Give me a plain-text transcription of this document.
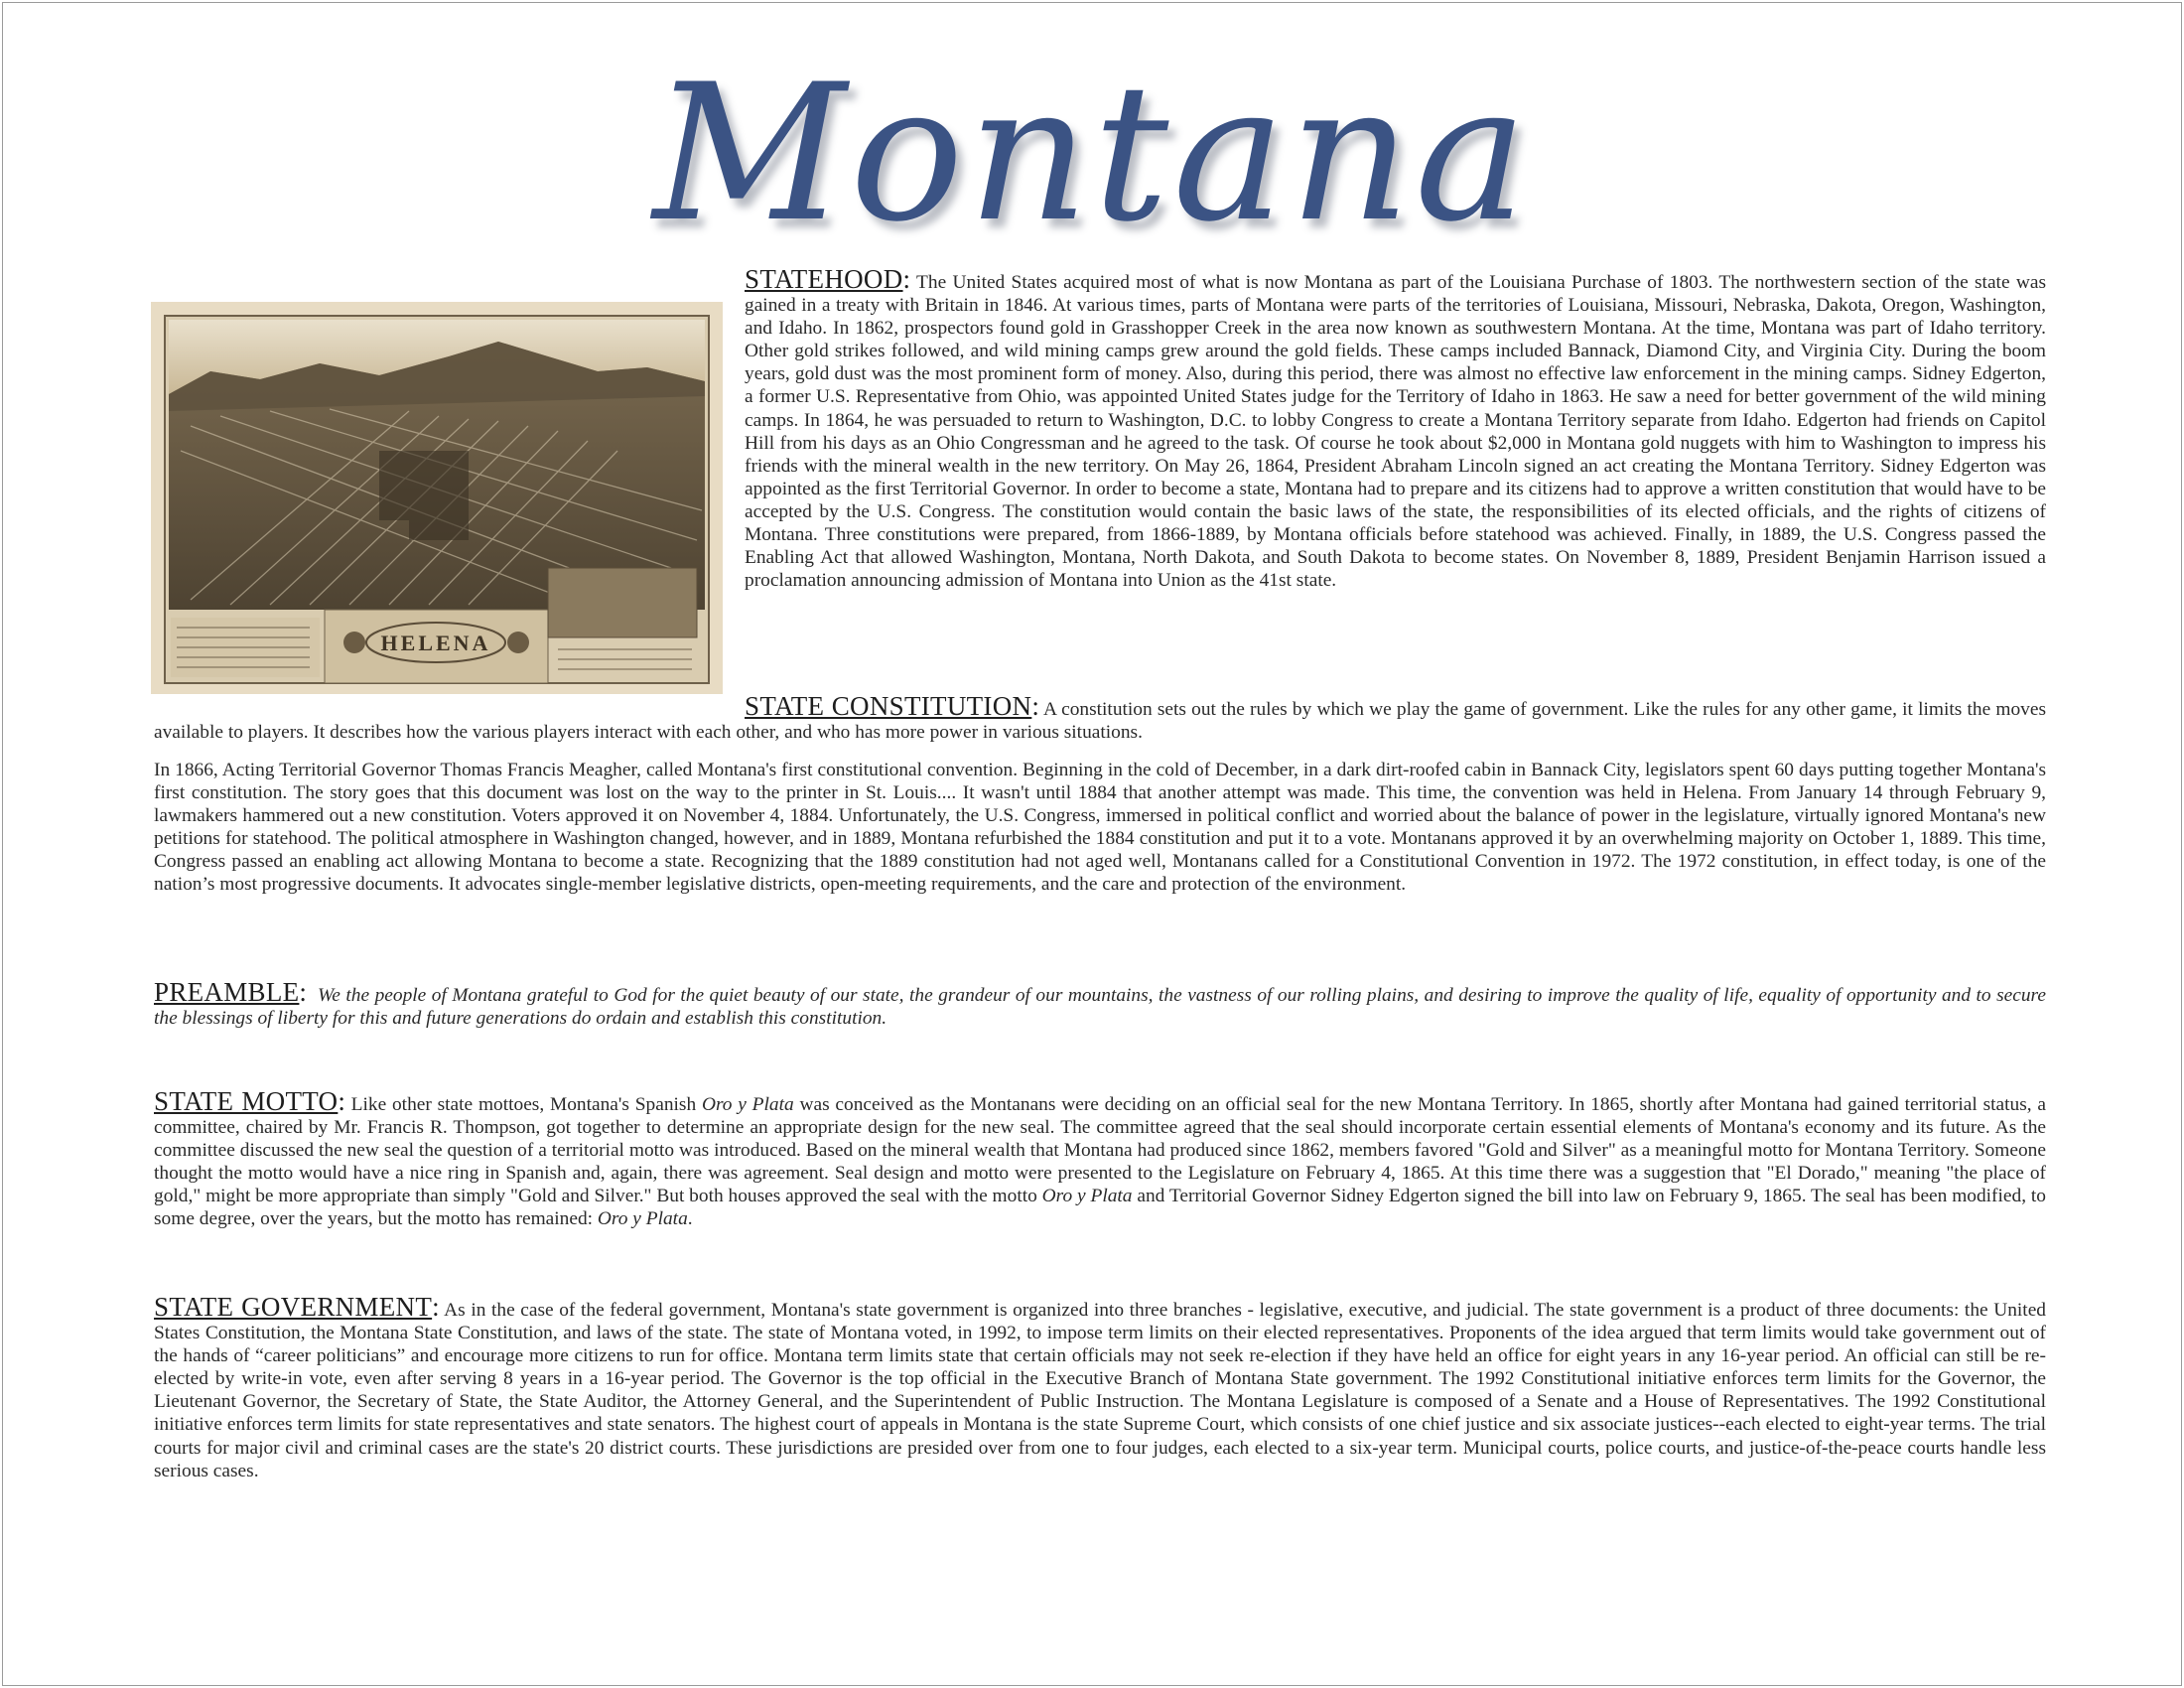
Montana
HELENA
STATEHOOD: The United States acquired most of what is now Montana as part of the Louisiana Purchase of 1803. The northwestern section of the state was gained in a treaty with Britain in 1846. At various times, parts of Montana were parts of the territories of Louisiana, Missouri, Nebraska, Dakota, Oregon, Washington, and Idaho. In 1862, prospectors found gold in Grasshopper Creek in the area now known as southwestern Montana. At the time, Montana was part of Idaho territory. Other gold strikes followed, and wild mining camps grew around the gold fields. These camps included Bannack, Diamond City, and Virginia City. During the boom years, gold dust was the most prominent form of money. Also, during this period, there was almost no effective law enforcement in the mining camps. Sidney Edgerton, a former U.S. Representative from Ohio, was appointed United States judge for the Territory of Idaho in 1863. He saw a need for better government of the wild mining camps. In 1864, he was persuaded to return to Washington, D.C. to lobby Congress to create a Montana Territory separate from Idaho. Edgerton had friends on Capitol Hill from his days as an Ohio Congressman and he agreed to the task. Of course he took about $2,000 in Montana gold nuggets with him to Washington to impress his friends with the mineral wealth in the new territory. On May 26, 1864, President Abraham Lincoln signed an act creating the Montana Territory. Sidney Edgerton was appointed as the first Territorial Governor. In order to become a state, Montana had to prepare and its citizens had to approve a written constitution that would have to be accepted by the U.S. Congress. The constitution would contain the basic laws of the state, the responsibilities of its elected officials, and the rights of citizens of Montana. Three constitutions were prepared, from 1866-1889, by Montana officials before statehood was achieved. Finally, in 1889, the U.S. Congress passed the Enabling Act that allowed Washington, Montana, North Dakota, and South Dakota to become states. On November 8, 1889, President Benjamin Harrison issued a proclamation announcing admission of Montana into Union as the 41st state.
STATE CONSTITUTION: A constitution sets out the rules by which we play the game of government. Like the rules for any other game, it limits the moves available to players. It describes how the various players interact with each other, and who has more power in various situations.
In 1866, Acting Territorial Governor Thomas Francis Meagher, called Montana's first constitutional convention. Beginning in the cold of December, in a dark dirt-roofed cabin in Bannack City, legislators spent 60 days putting together Montana's first constitution. The story goes that this document was lost on the way to the printer in St. Louis.... It wasn't until 1884 that another attempt was made. This time, the convention was held in Helena. From January 14 through February 9, lawmakers hammered out a new constitution. Voters approved it on November 4, 1884. Unfortunately, the U.S. Congress, immersed in political conflict and worried about the balance of power in the legislature, virtually ignored Montana's new petitions for statehood. The political atmosphere in Washington changed, however, and in 1889, Montana refurbished the 1884 constitution and put it to a vote. Montanans approved it by an overwhelming majority on October 1, 1889. This time, Congress passed an enabling act allowing Montana to become a state. Recognizing that the 1889 constitution had not aged well, Montanans called for a Constitutional Convention in 1972. The 1972 constitution, in effect today, is one of the nation’s most progressive documents. It advocates single-member legislative districts, open-meeting requirements, and the care and protection of the environment.
PREAMBLE: We the people of Montana grateful to God for the quiet beauty of our state, the grandeur of our mountains, the vastness of our rolling plains, and desiring to improve the quality of life, equality of opportunity and to secure the blessings of liberty for this and future generations do ordain and establish this constitution.
STATE MOTTO: Like other state mottoes, Montana's Spanish Oro y Plata was conceived as the Montanans were deciding on an official seal for the new Montana Territory. In 1865, shortly after Montana had gained territorial status, a committee, chaired by Mr. Francis R. Thompson, got together to determine an appropriate design for the new seal. The committee agreed that the seal should incorporate certain essential elements of Montana's economy and its future. As the committee discussed the new seal the question of a territorial motto was introduced. Based on the mineral wealth that Montana had produced since 1862, members favored "Gold and Silver" as a meaningful motto for Montana Territory. Someone thought the motto would have a nice ring in Spanish and, again, there was agreement. Seal design and motto were presented to the Legislature on February 4, 1865. At this time there was a suggestion that "El Dorado," meaning "the place of gold," might be more appropriate than simply "Gold and Silver." But both houses approved the seal with the motto Oro y Plata and Territorial Governor Sidney Edgerton signed the bill into law on February 9, 1865. The seal has been modified, to some degree, over the years, but the motto has remained: Oro y Plata.
STATE GOVERNMENT: As in the case of the federal government, Montana's state government is organized into three branches - legislative, executive, and judicial. The state government is a product of three documents: the United States Constitution, the Montana State Constitution, and laws of the state. The state of Montana voted, in 1992, to impose term limits on their elected representatives. Proponents of the idea argued that term limits would take government out of the hands of “career politicians” and encourage more citizens to run for office. Montana term limits state that certain officials may not seek re-election if they have held an office for eight years in any 16-year period. An official can still be re-elected by write-in vote, even after serving 8 years in a 16-year period. The Governor is the top official in the Executive Branch of Montana State government. The 1992 Constitutional initiative enforces term limits for the Governor, the Lieutenant Governor, the Secretary of State, the State Auditor, the Attorney General, and the Superintendent of Public Instruction. The Montana Legislature is composed of a Senate and a House of Representatives. The 1992 Constitutional initiative enforces term limits for state representatives and state senators. The highest court of appeals in Montana is the state Supreme Court, which consists of one chief justice and six associate justices--each elected to eight-year terms. The trial courts for major civil and criminal cases are the state's 20 district courts. These jurisdictions are presided over from one to four judges, each elected to a six-year term. Municipal courts, police courts, and justice-of-the-peace courts handle less serious cases.
